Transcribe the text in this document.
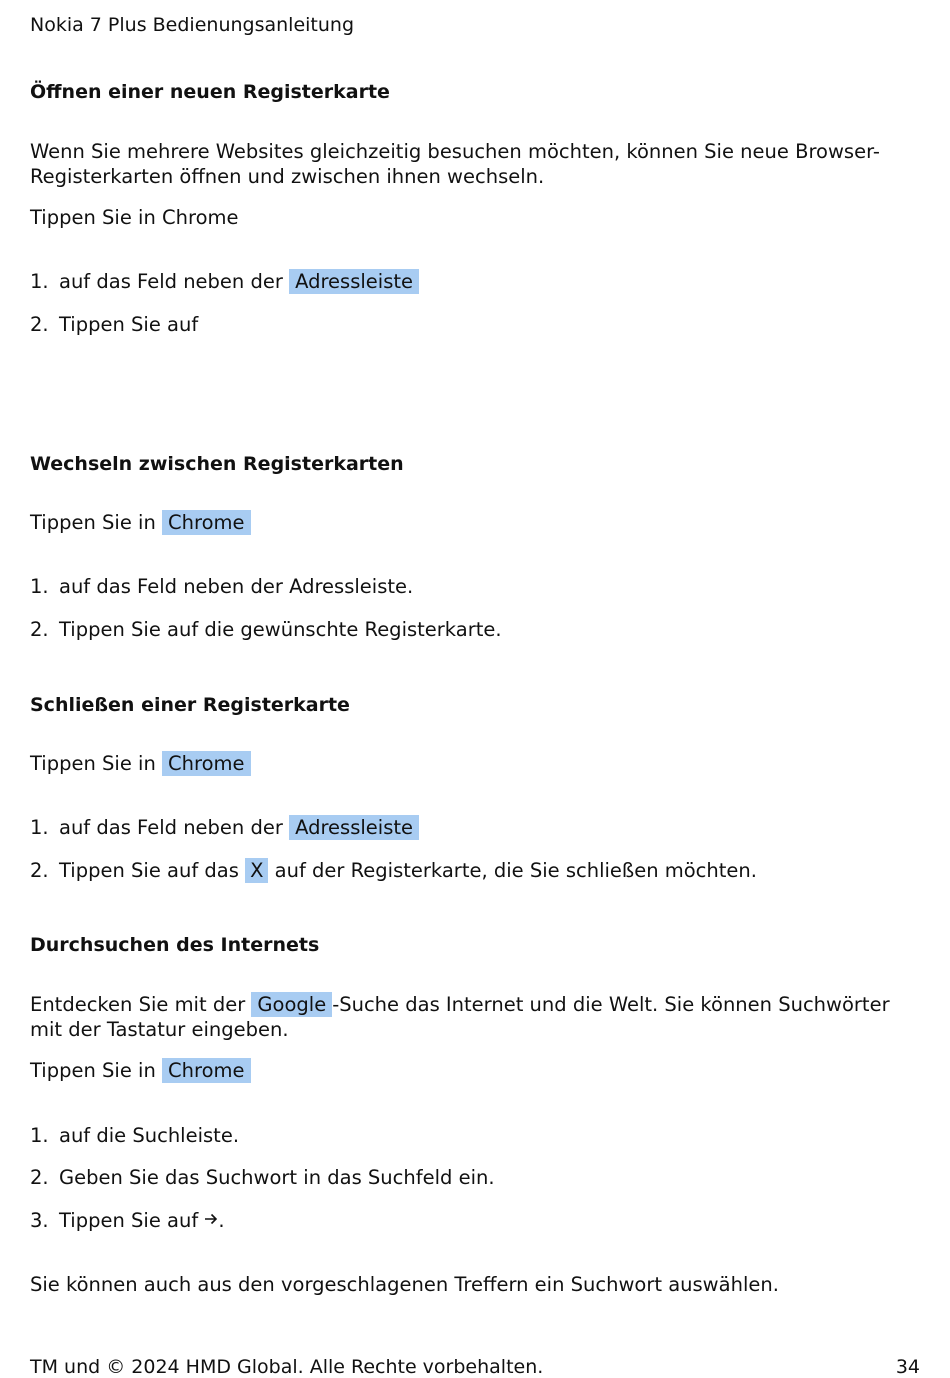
Nokia 7 Plus Bedienungsanleitung
Öffnen einer neuen Registerkarte
Wenn Sie mehrere Websites gleichzeitig besuchen möchten, können Sie neue Browser-Registerkarten öffnen und zwischen ihnen wechseln.
Tippen Sie in Chrome
1. auf das Feld neben der Adressleiste
2. Tippen Sie auf
Wechseln zwischen Registerkarten
Tippen Sie in Chrome
1. auf das Feld neben der Adressleiste.
2. Tippen Sie auf die gewünschte Registerkarte.
Schließen einer Registerkarte
Tippen Sie in Chrome
1. auf das Feld neben der Adressleiste
2. Tippen Sie auf das X auf der Registerkarte, die Sie schließen möchten.
Durchsuchen des Internets
Entdecken Sie mit der Google -Suche das Internet und die Welt. Sie können Suchwörter mit der Tastatur eingeben.
Tippen Sie in Chrome
1. auf die Suchleiste.
2. Geben Sie das Suchwort in das Suchfeld ein.
3. Tippen Sie auf .
Sie können auch aus den vorgeschlagenen Treffern ein Suchwort auswählen.
TM und © 2024 HMD Global. Alle Rechte vorbehalten.	34
